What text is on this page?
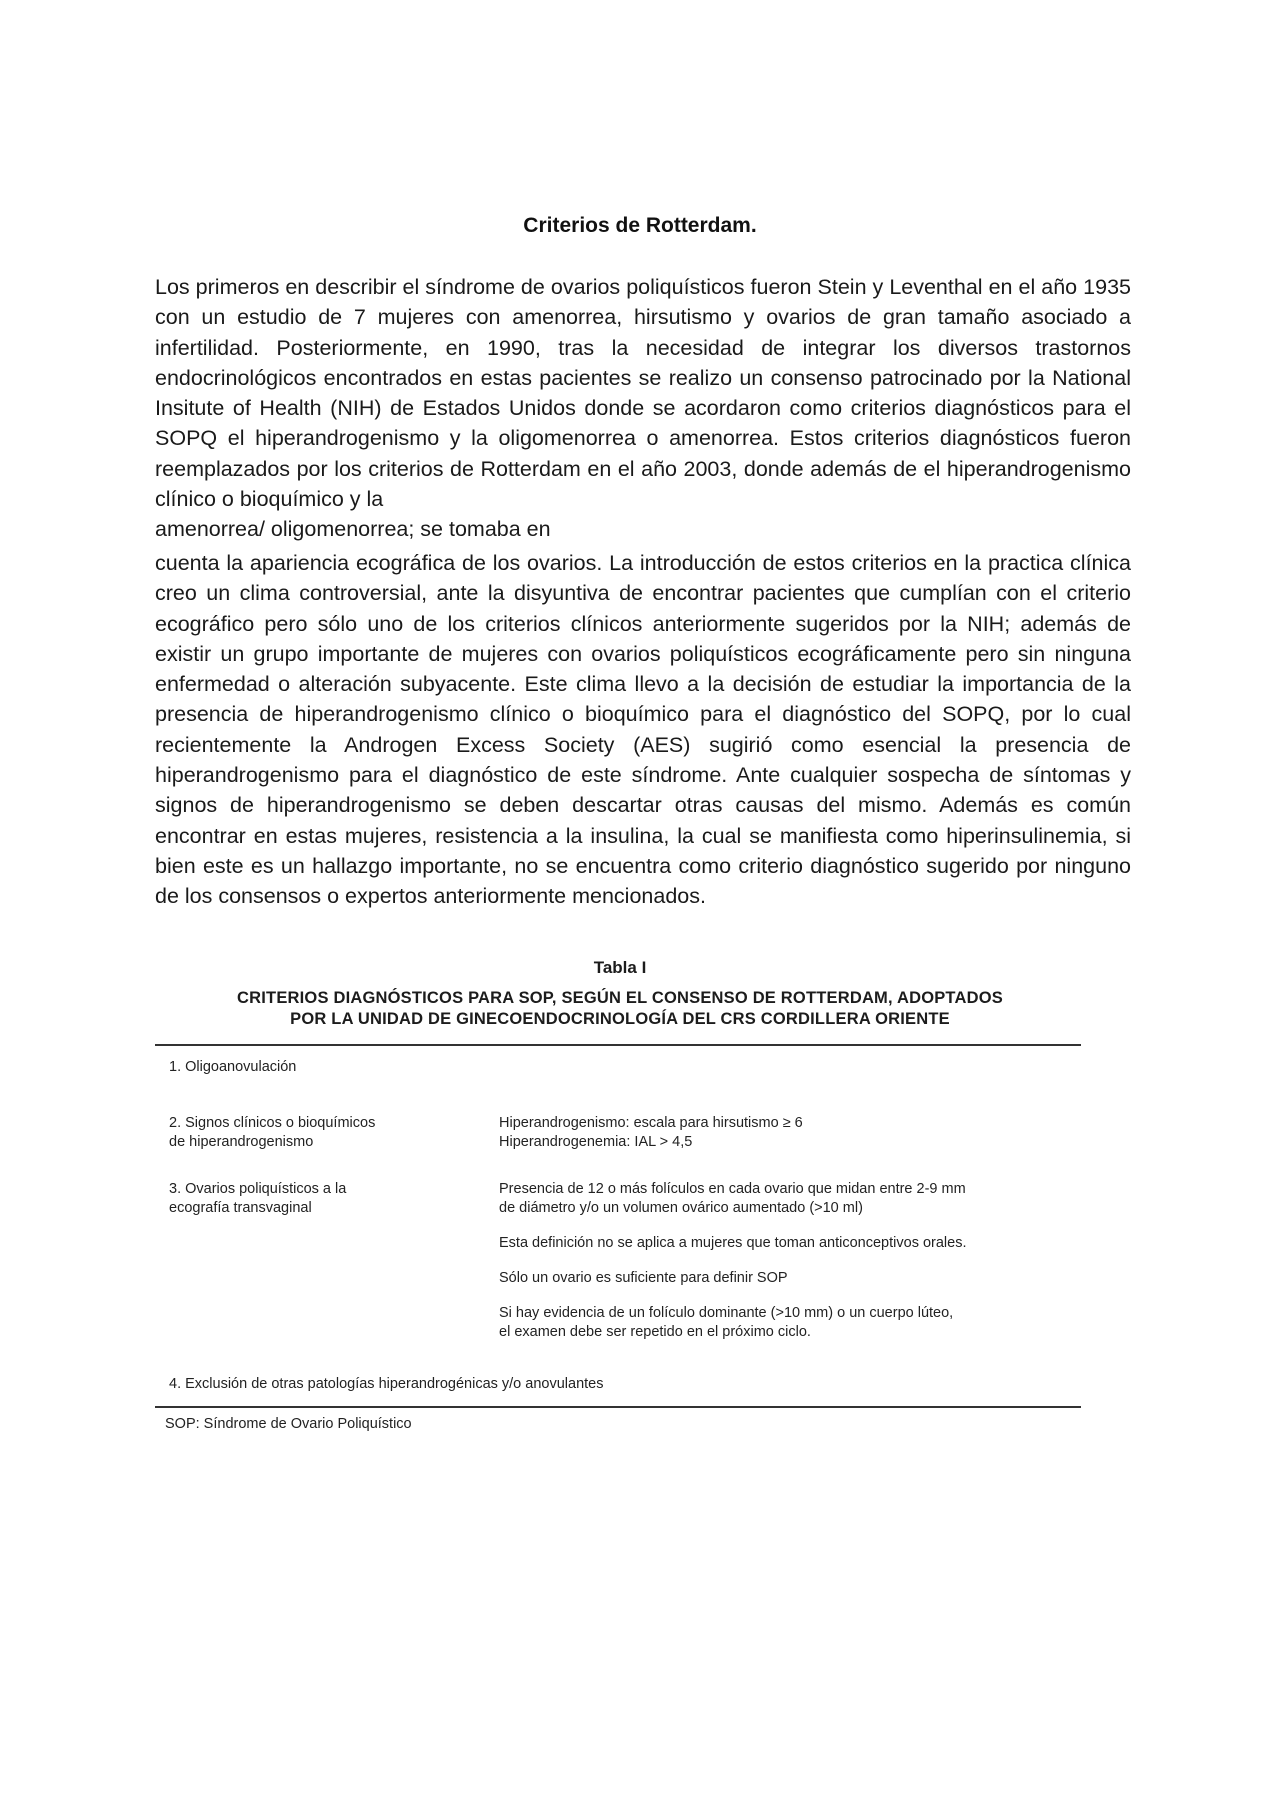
Criterios de Rotterdam.
Los primeros en describir el síndrome de ovarios poliquísticos fueron Stein y Leventhal en el año 1935 con un estudio de 7 mujeres con amenorrea, hirsutismo y ovarios de gran tamaño asociado a infertilidad. Posteriormente, en 1990, tras la necesidad de integrar los diversos trastornos endocrinológicos encontrados en estas pacientes se realizo un consenso patrocinado por la National Insitute of Health (NIH) de Estados Unidos donde se acordaron como criterios diagnósticos para el SOPQ el hiperandrogenismo y la oligomenorrea o amenorrea. Estos criterios diagnósticos fueron reemplazados por los criterios de Rotterdam en el año 2003, donde además de el hiperandrogenismo clínico o bioquímico y la
amenorrea/ oligomenorrea; se tomaba en

cuenta la apariencia ecográfica de los ovarios. La introducción de estos criterios en la practica clínica creo un clima controversial, ante la disyuntiva de encontrar pacientes que cumplían con el criterio ecográfico pero sólo uno de los criterios clínicos anteriormente sugeridos por la NIH; además de existir un grupo importante de mujeres con ovarios poliquísticos ecográficamente pero sin ninguna enfermedad o alteración subyacente. Este clima llevo a la decisión de estudiar la importancia de la presencia de hiperandrogenismo clínico o bioquímico para el diagnóstico del SOPQ, por lo cual recientemente la Androgen Excess Society (AES) sugirió como esencial la presencia de hiperandrogenismo para el diagnóstico de este síndrome. Ante cualquier sospecha de síntomas y signos de hiperandrogenismo se deben descartar otras causas del mismo. Además es común encontrar en estas mujeres, resistencia a la insulina, la cual se manifiesta como hiperinsulinemia, si bien este es un hallazgo importante, no se encuentra como criterio diagnóstico sugerido por ninguno de los consensos o expertos anteriormente mencionados.

Tabla I

CRITERIOS DIAGNÓSTICOS PARA SOP, SEGÚN EL CONSENSO DE ROTTERDAM, ADOPTADOS
POR LA UNIDAD DE GINECOENDOCRINOLOGÍA DEL CRS CORDILLERA ORIENTE

1. Oligoanovulación

2. Signos clínicos o bioquímicos
de hiperandrogenismo

Hiperandrogenismo: escala para hirsutismo ≥ 6
Hiperandrogenemia: IAL > 4,5

3. Ovarios poliquísticos a la
ecografía transvaginal

Presencia de 12 o más folículos en cada ovario que midan entre 2-9 mm
de diámetro y/o un volumen ovárico aumentado (>10 ml)

Esta definición no se aplica a mujeres que toman anticonceptivos orales.

Sólo un ovario es suficiente para definir SOP

Si hay evidencia de un folículo dominante (>10 mm) o un cuerpo lúteo,
el examen debe ser repetido en el próximo ciclo.

4. Exclusión de otras patologías hiperandrogénicas y/o anovulantes

SOP: Síndrome de Ovario Poliquístico
